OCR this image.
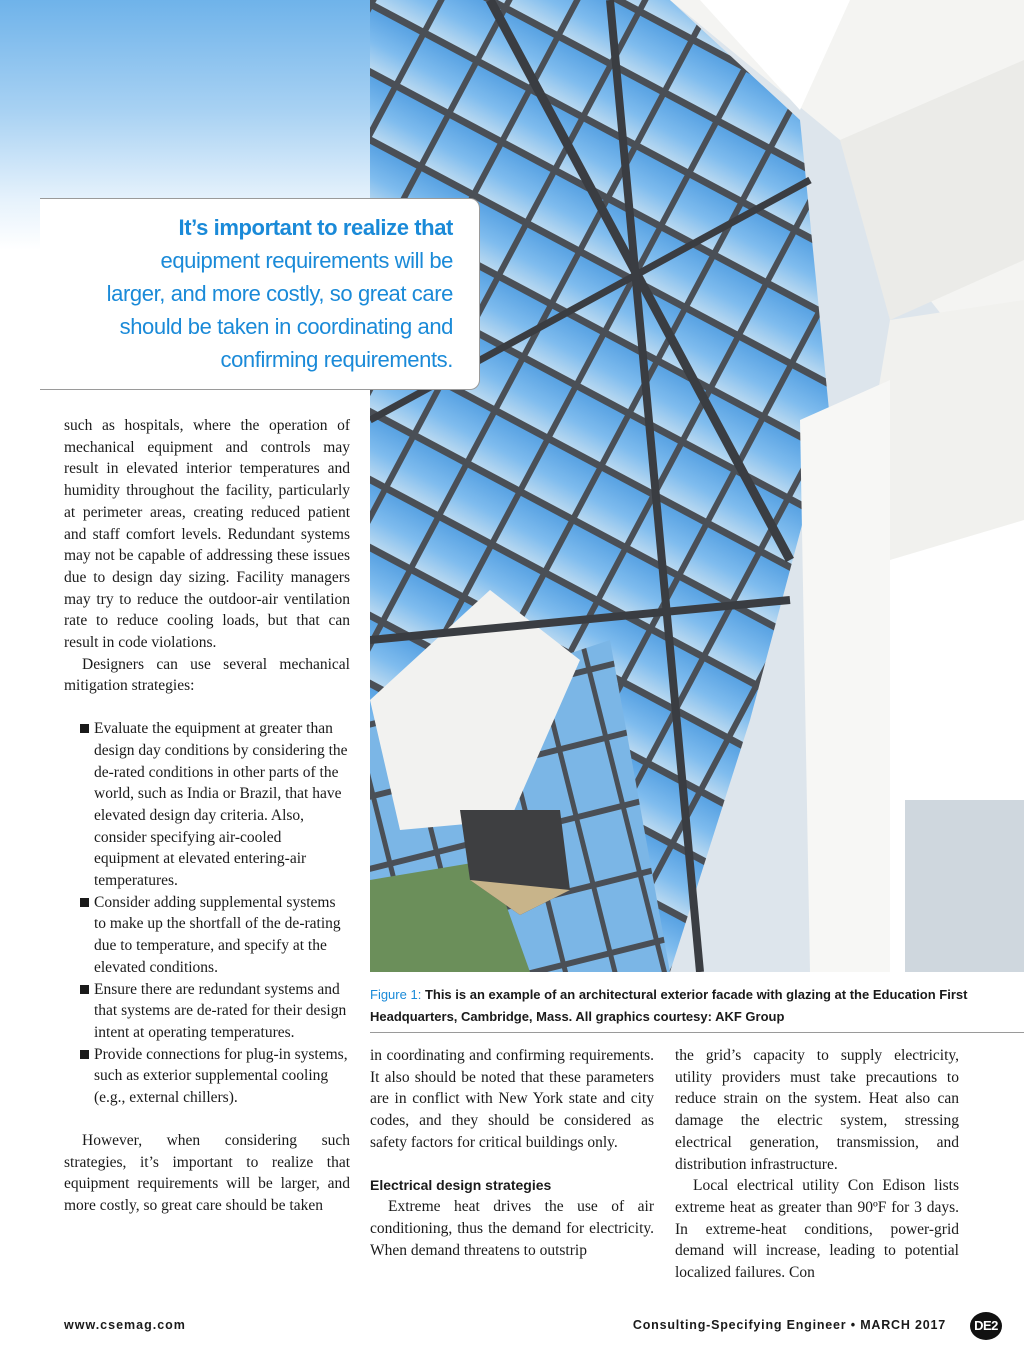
It’s important to realize that
equipment requirements will be
larger, and more costly, so great care
should be taken in coordinating and
confirming requirements.

such as hospitals, where the operation of mechanical equipment and controls may result in elevated interior temperatures and humidity throughout the facility, particularly at perimeter areas, creating reduced patient and staff comfort levels. Redundant systems may not be capable of addressing these issues due to design day sizing. Facility managers may try to reduce the outdoor-air ventilation rate to reduce cooling loads, but that can result in code violations.

Designers can use several mechanical mitigation strategies:

Evaluate the equipment at greater than design day conditions by considering the de-rated conditions in other parts of the world, such as India or Brazil, that have elevated design day criteria. Also, consider specifying air-cooled equipment at elevated entering-air temperatures.
Consider adding supplemental systems to make up the shortfall of the de-rating due to temperature, and specify at the elevated conditions.
Ensure there are redundant systems and that systems are de-rated for their design intent at operating temperatures.
Provide connections for plug-in systems, such as exterior supplemental cooling (e.g., external chillers).

However, when considering such strategies, it’s important to realize that equipment requirements will be larger, and more costly, so great care should be taken

Figure 1: This is an example of an architectural exterior facade with glazing at the Education First Headquarters, Cambridge, Mass. All graphics courtesy: AKF Group

in coordinating and confirming requirements. It also should be noted that these parameters are in conflict with New York state and city codes, and they should be considered as safety factors for critical buildings only.

Electrical design strategies

Extreme heat drives the use of air conditioning, thus the demand for electricity. When demand threatens to outstrip

the grid’s capacity to supply electricity, utility providers must take precautions to reduce strain on the system. Heat also can damage the electric system, stressing electrical generation, transmission, and distribution infrastructure.

Local electrical utility Con Edison lists extreme heat as greater than 90ºF for 3 days. In extreme-heat conditions, power-grid demand will increase, leading to potential localized failures. Con

www.csemag.com	Consulting-Specifying Engineer • MARCH 2017	DE2
